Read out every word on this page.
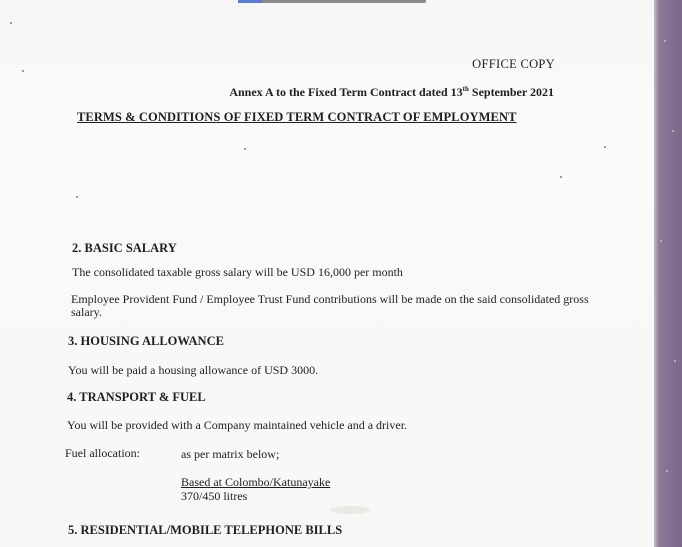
OFFICE COPY
Annex A to the Fixed Term Contract dated 13th September 2021
TERMS & CONDITIONS OF FIXED TERM CONTRACT OF EMPLOYMENT
2. BASIC SALARY
The consolidated taxable gross salary will be USD 16,000 per month
Employee Provident Fund / Employee Trust Fund contributions will be made on the said consolidated gross salary.
3. HOUSING ALLOWANCE
You will be paid a housing allowance of USD 3000.
4. TRANSPORT & FUEL
You will be provided with a Company maintained vehicle and a driver.
Fuel allocation:	as per matrix below;
Based at Colombo/Katunayake
370/450 litres
5. RESIDENTIAL/MOBILE TELEPHONE BILLS
